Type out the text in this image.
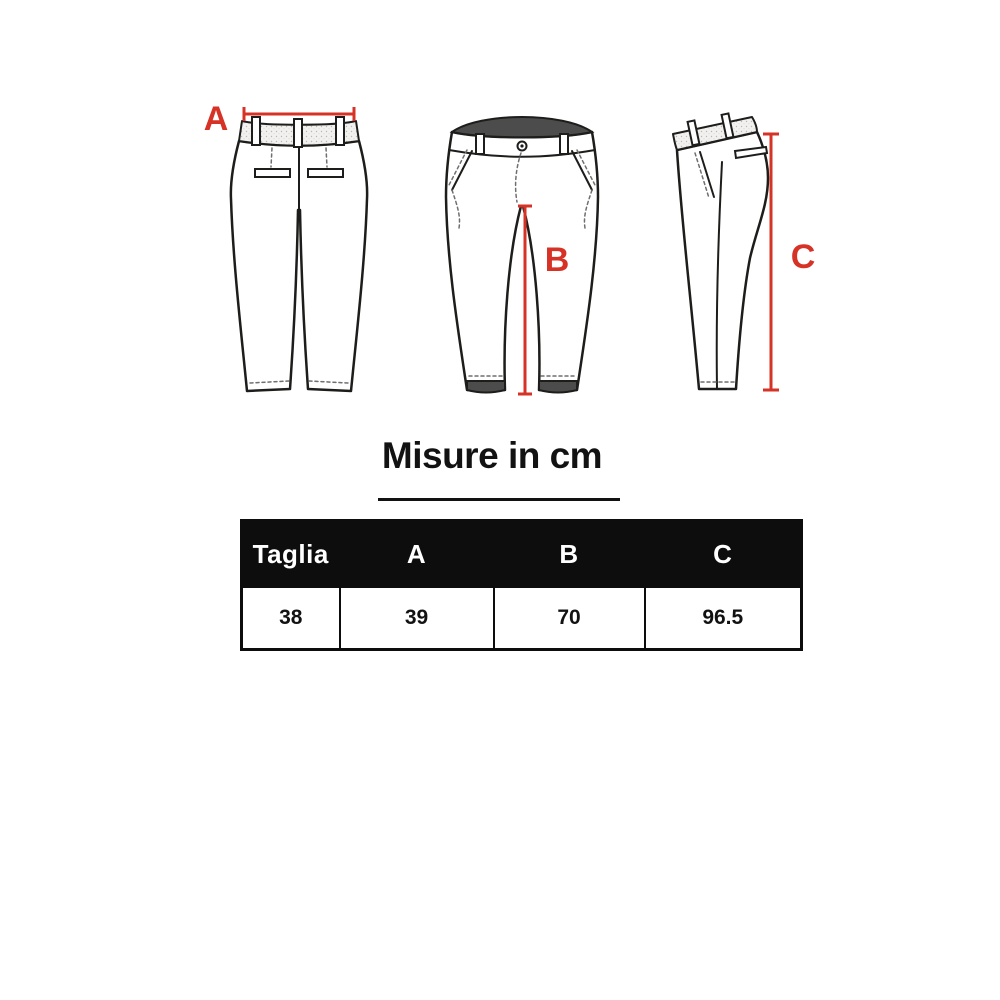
A
B	C
Misure in cm
Taglia	A	B	C
38	39	70	96.5
